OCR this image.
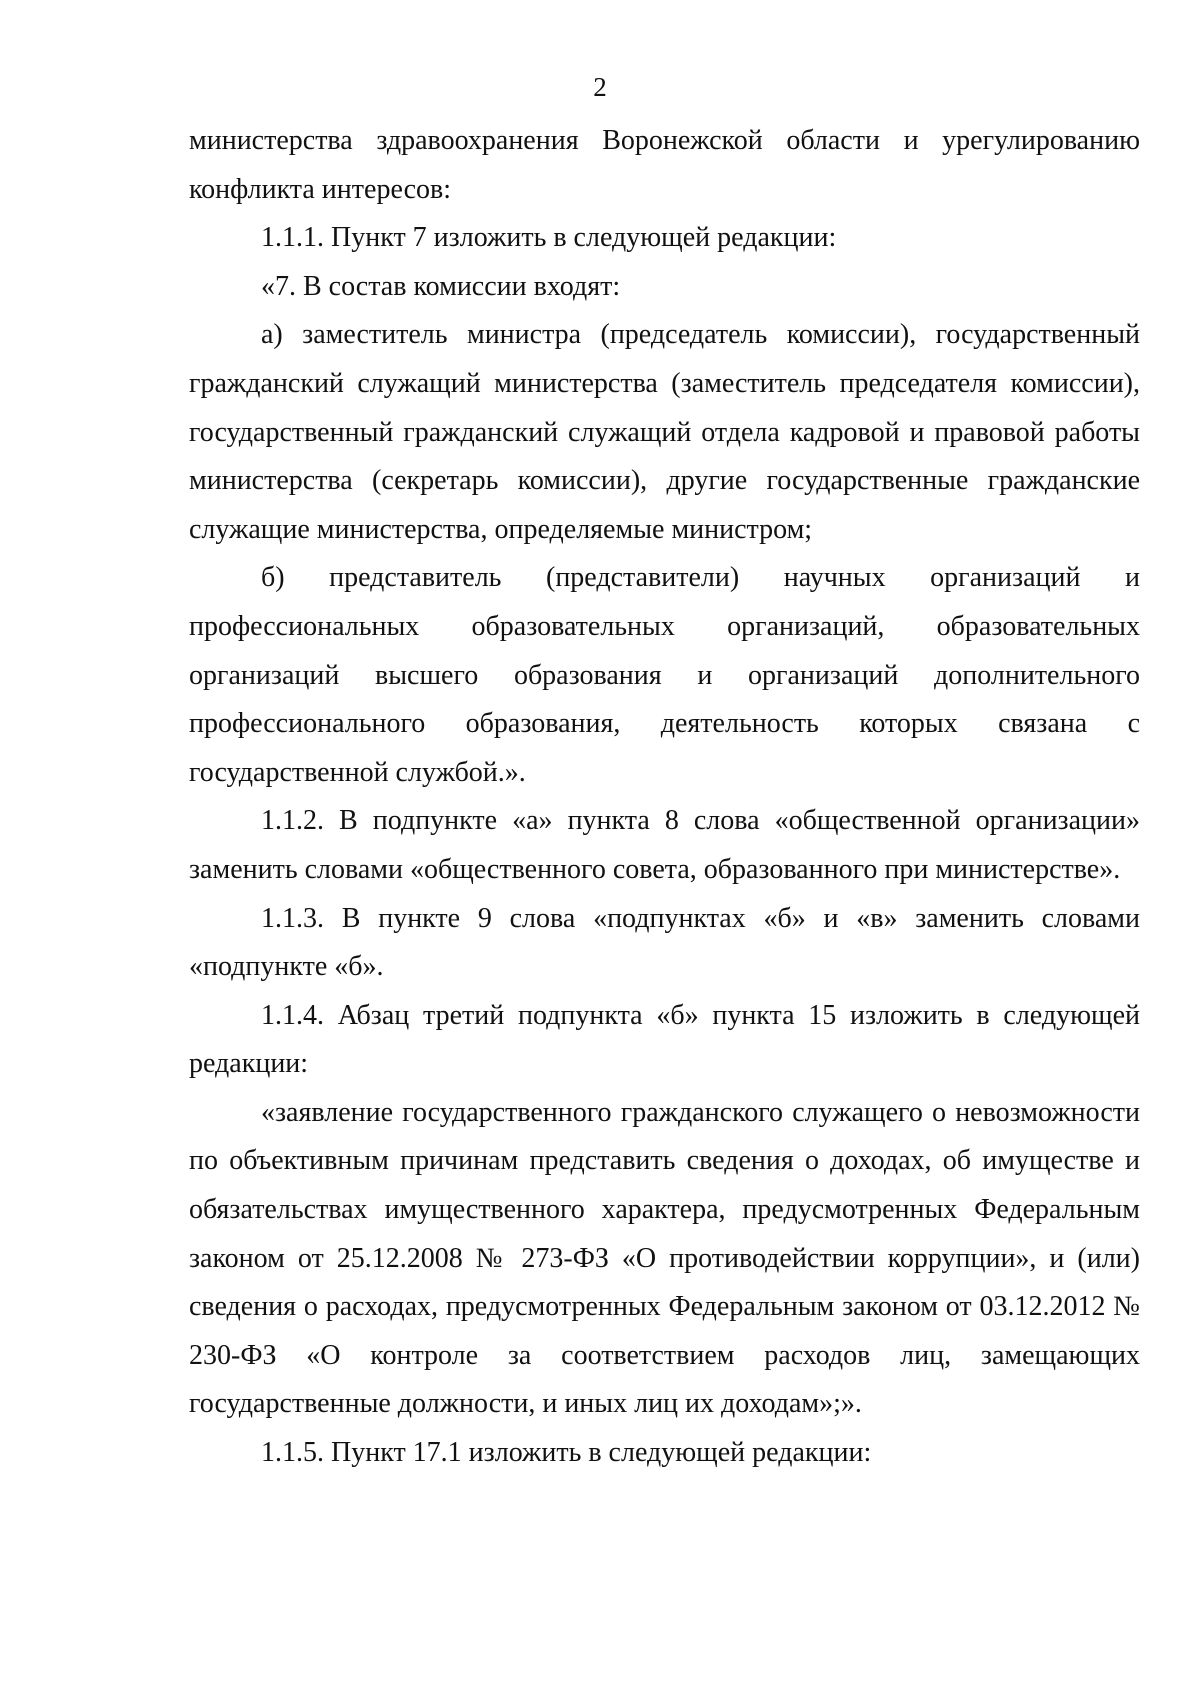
2

министерства здравоохранения Воронежской области и урегулированию конфликта интересов:

1.1.1. Пункт 7 изложить в следующей редакции:

«7. В состав комиссии входят:

а) заместитель министра (председатель комиссии), государственный гражданский служащий министерства (заместитель председателя комиссии), государственный гражданский служащий отдела кадровой и правовой работы министерства (секретарь комиссии), другие государственные гражданские служащие министерства, определяемые министром;

б) представитель (представители) научных организаций и профессиональных образовательных организаций, образовательных организаций высшего образования и организаций дополнительного профессионального образования, деятельность которых связана с государственной службой.».

1.1.2. В подпункте «а» пункта 8 слова «общественной организации» заменить словами «общественного совета, образованного при министерстве».

1.1.3. В пункте 9 слова «подпунктах «б» и «в» заменить словами «подпункте «б».

1.1.4. Абзац третий подпункта «б» пункта 15 изложить в следующей редакции:

«заявление государственного гражданского служащего о невозможности по объективным причинам представить сведения о доходах, об имуществе и обязательствах имущественного характера, предусмотренных Федеральным законом от 25.12.2008 № 273-ФЗ «О противодействии коррупции», и (или) сведения о расходах, предусмотренных Федеральным законом от 03.12.2012 № 230-ФЗ «О контроле за соответствием расходов лиц, замещающих государственные должности, и иных лиц их доходам»;».

1.1.5. Пункт 17.1 изложить в следующей редакции:
